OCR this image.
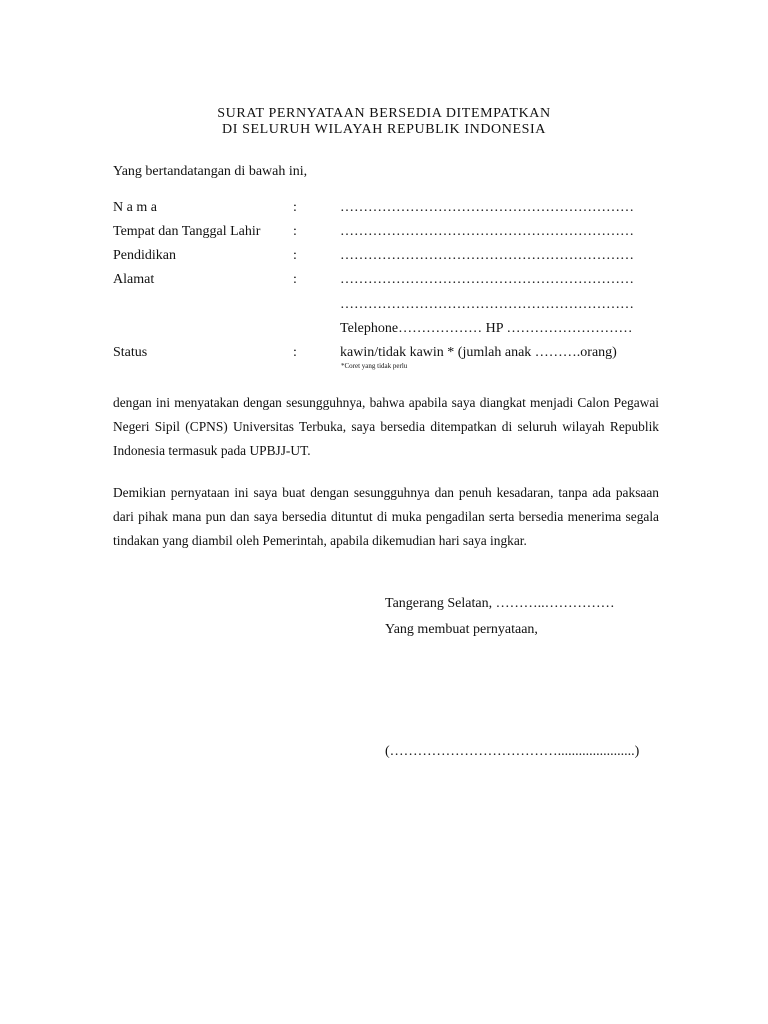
SURAT PERNYATAAN BERSEDIA DITEMPATKAN

DI SELURUH WILAYAH REPUBLIK INDONESIA

Yang bertandatangan di bawah ini,

N a m a	:	………………………………………………………
Tempat dan Tanggal Lahir :	………………………………………………………
Pendidikan	:	………………………………………………………
Alamat	:	………………………………………………………
………………………………………………………
Telephone……………… HP ………………………
Status	:	kawin/tidak kawin * (jumlah anak ……….orang)

*Coret yang tidak perlu

dengan ini menyatakan dengan sesungguhnya, bahwa apabila saya diangkat menjadi Calon Pegawai Negeri Sipil (CPNS) Universitas Terbuka, saya bersedia ditempatkan di seluruh wilayah Republik Indonesia termasuk pada UPBJJ-UT.

Demikian pernyataan ini saya buat dengan sesungguhnya dan penuh kesadaran, tanpa ada paksaan dari pihak mana pun dan saya bersedia dituntut di muka pengadilan serta bersedia menerima segala tindakan yang diambil oleh Pemerintah, apabila dikemudian hari saya ingkar.

Tangerang Selatan, ………..……………

Yang membuat pernyataan,

(………………………………......................)
